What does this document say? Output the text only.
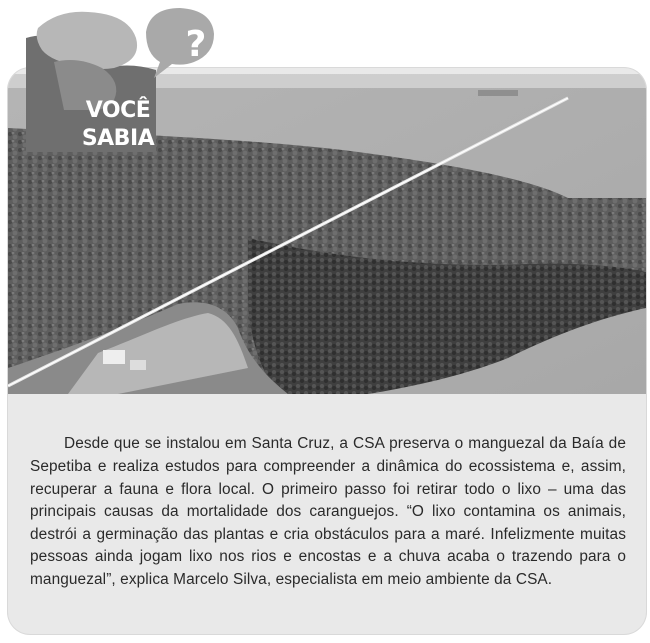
Desde que se instalou em Santa Cruz, a CSA preserva o manguezal da Baía de Sepetiba e realiza estudos para compreender a dinâmica do ecossistema e, assim, recuperar a fauna e flora local. O primeiro passo foi retirar todo o lixo – uma das principais causas da mortalidade dos caranguejos. “O lixo contamina os animais, destrói a germinação das plantas e cria obstáculos para a maré. Infelizmente muitas pessoas ainda jogam lixo nos rios e encostas e a chuva acaba o trazendo para o manguezal”, explica Marcelo Silva, especialista em meio ambiente da CSA.

?
VOCÊ
SABIA
